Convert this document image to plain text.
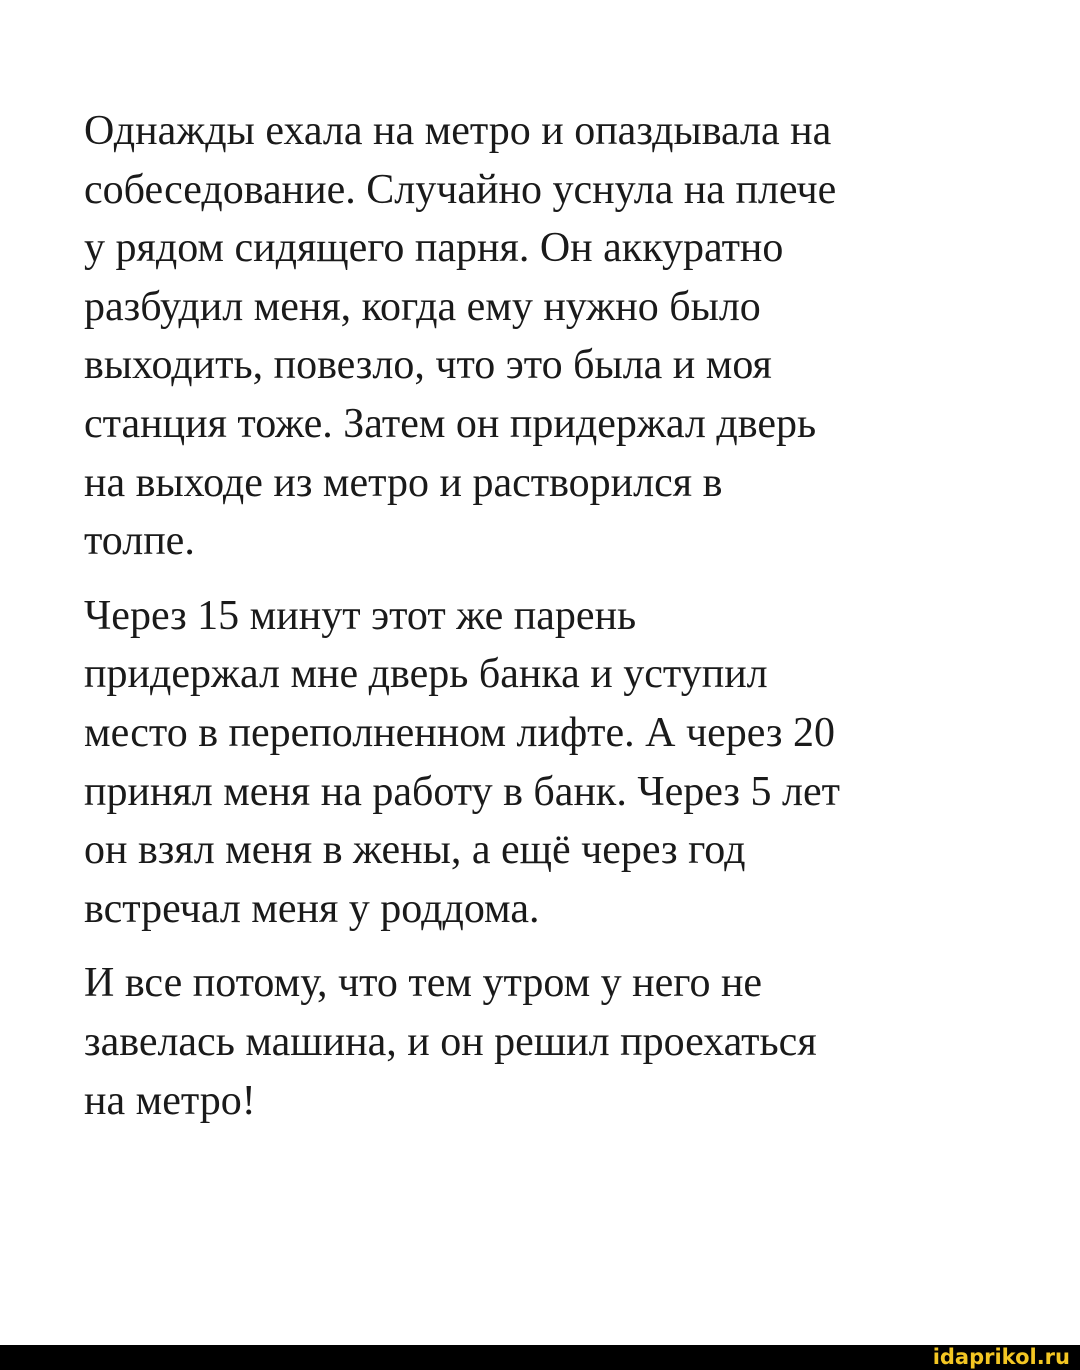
Однажды ехала на метро и опаздывала на
собеседование. Случайно уснула на плече
у рядом сидящего парня. Он аккуратно
разбудил меня, когда ему нужно было
выходить, повезло, что это была и моя
станция тоже. Затем он придержал дверь
на выходе из метро и растворился в
толпе.

Через 15 минут этот же парень
придержал мне дверь банка и уступил
место в переполненном лифте. А через 20
принял меня на работу в банк. Через 5 лет
он взял меня в жены, а ещё через год
встречал меня у роддома.

И все потому, что тем утром у него не
завелась машина, и он решил проехаться
на метро!

idaprikol.ru
